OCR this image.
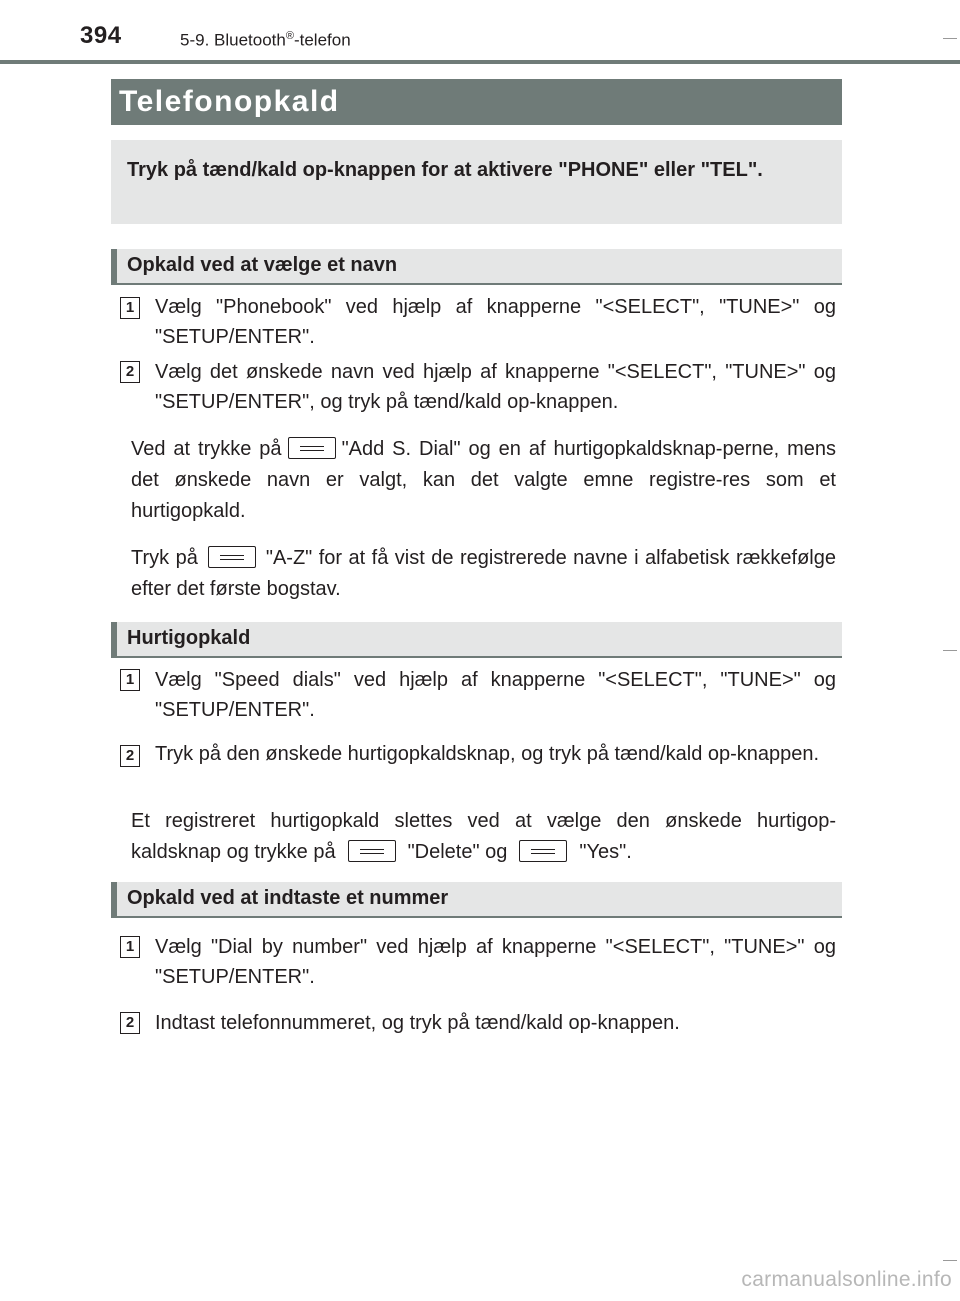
394	5-9. Bluetooth®-telefon
Telefonopkald
Tryk på tænd/kald op-knappen for at aktivere "PHONE" eller "TEL".
Opkald ved at vælge et navn
1 Vælg "Phonebook" ved hjælp af knapperne "<SELECT", "TUNE>" og "SETUP/ENTER".
2 Vælg det ønskede navn ved hjælp af knapperne "<SELECT", "TUNE>" og "SETUP/ENTER", og tryk på tænd/kald op-knappen.
Ved at trykke på	"Add S. Dial" og en af hurtigopkaldsknap-perne, mens det ønskede navn er valgt, kan det valgte emne registre-res som et hurtigopkald.
Tryk på	"A-Z" for at få vist de registrerede navne i alfabetisk rækkefølge efter det første bogstav.
Hurtigopkald
1 Vælg "Speed dials" ved hjælp af knapperne "<SELECT", "TUNE>" og "SETUP/ENTER".
2 Tryk på den ønskede hurtigopkaldsknap, og tryk på tænd/kald op-knappen.
Et registreret hurtigopkald slettes ved at vælge den ønskede hurtigop-kaldsknap og trykke på	"Delete" og	"Yes".
Opkald ved at indtaste et nummer
1 Vælg "Dial by number" ved hjælp af knapperne "<SELECT", "TUNE>" og "SETUP/ENTER".
2 Indtast telefonnummeret, og tryk på tænd/kald op-knappen.
carmanualsonline.info
